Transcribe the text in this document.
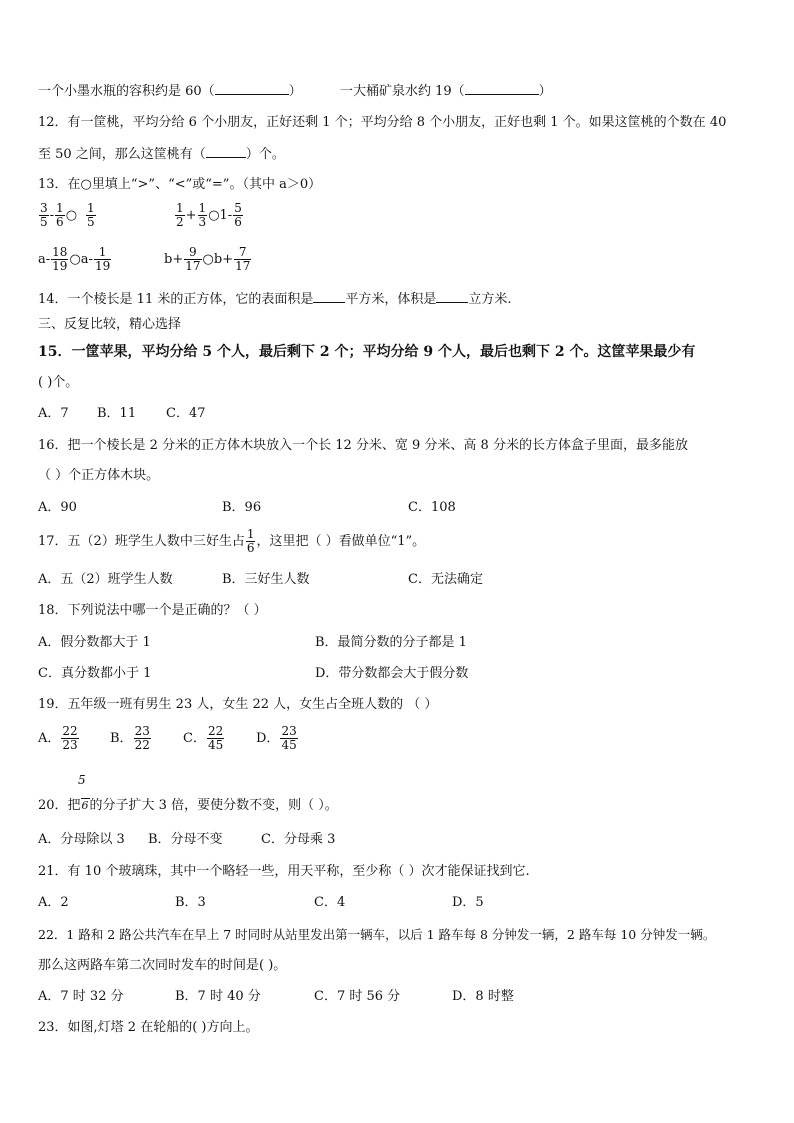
一个小墨水瓶的容积约是 60（	）	一大桶矿泉水约 19（	）
12．有一筐桃，平均分给 6 个小朋友，正好还剩 1 个；平均分给 8 个小朋友，正好也剩 1 个。如果这筐桃的个数在 40
至 50 之间，那么这筐桃有（	）个。
13．在○里填上“>”、“<”或“=”。（其中 a＞0）
$\frac{3}{5} - \frac{1}{6}$ ○ $\frac{1}{5}$	$\frac{1}{2} + \frac{1}{3}$ ○1- $\frac{5}{6}$
$a- \frac{18}{19}$ ○a- $\frac{1}{19}$	$b+ \frac{9}{17}$ ○b+ $\frac{7}{17}$
14．一个棱长是 11 米的正方体，它的表面积是 平方米，体积是 立方米.
三、反复比较，精心选择
15．一筐苹果，平均分给 5 个人，最后剩下 2 个；平均分给 9 个人，最后也剩下 2 个。这筐苹果最少有
( )个。
A．7 B．11 C．47
16．把一个棱长是 2 分米的正方体木块放入一个长 12 分米、宽 9 分米、高 8 分米的长方体盒子里面，最多能放
（ ）个正方体木块。
A．90	B．96	C．108
17．五（2）班学生人数中三好生占 $\frac{1}{6}$ ，这里把（ ）看做单位“1”。
A．五（2）班学生人数	B．三好生人数	C．无法确定
18．下列说法中哪一个是正确的？（ ）
A．假分数都大于 1	B．最简分数的分子都是 1
C．真分数都小于 1	D．带分数都会大于假分数
19．五年级一班有男生 23 人，女生 22 人，女生占全班人数的 （ ）
A． $\frac{22}{23}$ B． $\frac{23}{22}$ C． $\frac{22}{45}$ D． $\frac{23}{45}$
5
20．把6的分子扩大 3 倍，要使分数不变，则（ ）。
A．分母除以 3 B．分母不变	C．分母乘 3
21．有 10 个玻璃珠，其中一个略轻一些，用天平称，至少称（ ）次才能保证找到它.
A．2	B．3	C．4	D．5
22．1 路和 2 路公共汽车在早上 7 时同时从站里发出第一辆车，以后 1 路车每 8 分钟发一辆，2 路车每 10 分钟发一辆。
那么这两路车第二次同时发车的时间是( )。
A．7 时 32 分	B．7 时 40 分	C．7 时 56 分	D．8 时整
23．如图,灯塔 2 在轮船的( )方向上。
